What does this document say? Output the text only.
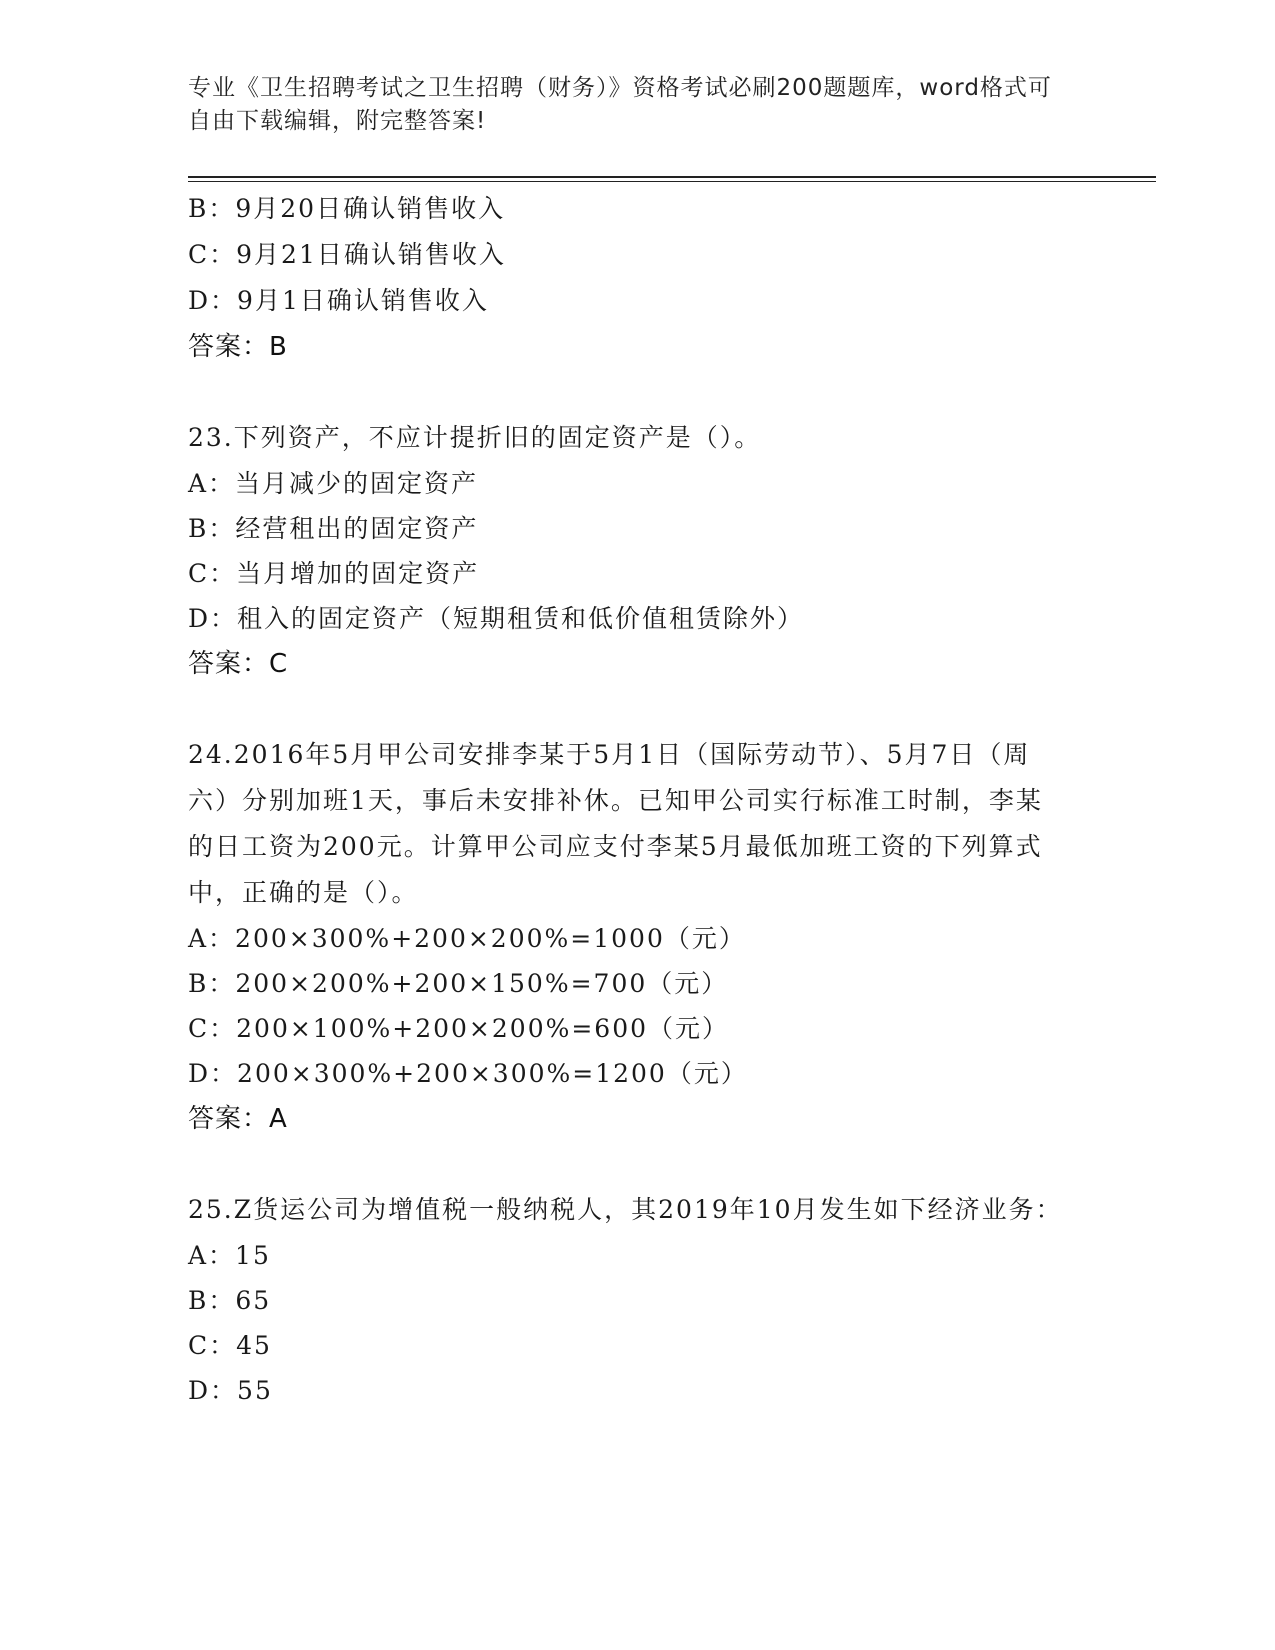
专业《卫生招聘考试之卫生招聘（财务）》资格考试必刷200题题库，word格式可自由下载编辑，附完整答案!
B：9月20日确认销售收入
C：9月21日确认销售收入
D：9月1日确认销售收入
答案：B
23.下列资产，不应计提折旧的固定资产是（）。
A：当月减少的固定资产
B：经营租出的固定资产
C：当月增加的固定资产
D：租入的固定资产（短期租赁和低价值租赁除外）
答案：C
24.2016年5月甲公司安排李某于5月1日（国际劳动节）、5月7日（周六）分别加班1天，事后未安排补休。已知甲公司实行标准工时制，李某的日工资为200元。计算甲公司应支付李某5月最低加班工资的下列算式中，正确的是（）。
A：200×300%+200×200%=1000（元）
B：200×200%+200×150%=700（元）
C：200×100%+200×200%=600（元）
D：200×300%+200×300%=1200（元）
答案：A
25.Z货运公司为增值税一般纳税人，其2019年10月发生如下经济业务：
A：15
B：65
C：45
D：55
